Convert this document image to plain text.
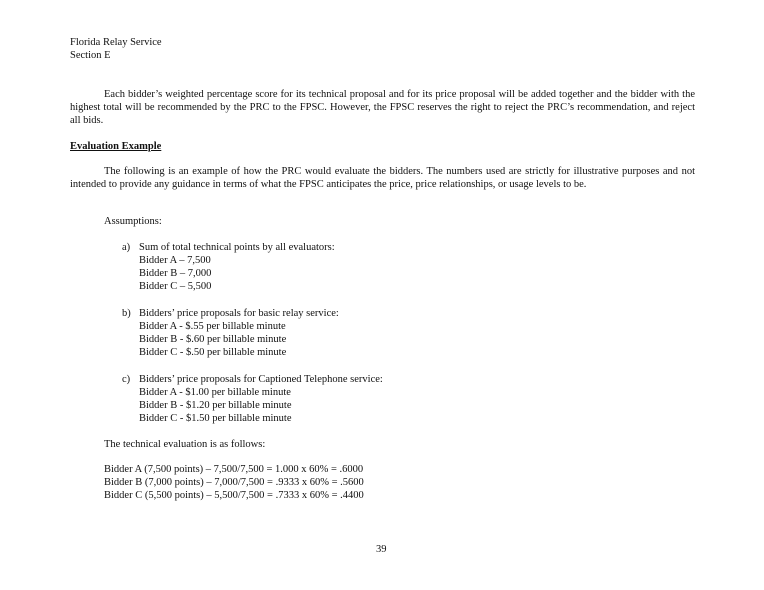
Florida Relay Service
Section E
Each bidder’s weighted percentage score for its technical proposal and for its price proposal will be added together and the bidder with the highest total will be recommended by the PRC to the FPSC. However, the FPSC reserves the right to reject the PRC’s recommendation, and reject all bids.
Evaluation Example
The following is an example of how the PRC would evaluate the bidders. The numbers used are strictly for illustrative purposes and not intended to provide any guidance in terms of what the FPSC anticipates the price, price relationships, or usage levels to be.
Assumptions:
a) Sum of total technical points by all evaluators:
Bidder A – 7,500
Bidder B – 7,000
Bidder C – 5,500
b) Bidders’ price proposals for basic relay service:
Bidder A - $.55 per billable minute
Bidder B - $.60 per billable minute
Bidder C - $.50 per billable minute
c) Bidders’ price proposals for Captioned Telephone service:
Bidder A - $1.00 per billable minute
Bidder B - $1.20 per billable minute
Bidder C - $1.50 per billable minute
The technical evaluation is as follows:
Bidder A (7,500 points) – 7,500/7,500 = 1.000 x 60% = .6000
Bidder B (7,000 points) – 7,000/7,500 = .9333 x 60% = .5600
Bidder C (5,500 points) – 5,500/7,500 = .7333 x 60% = .4400
39
